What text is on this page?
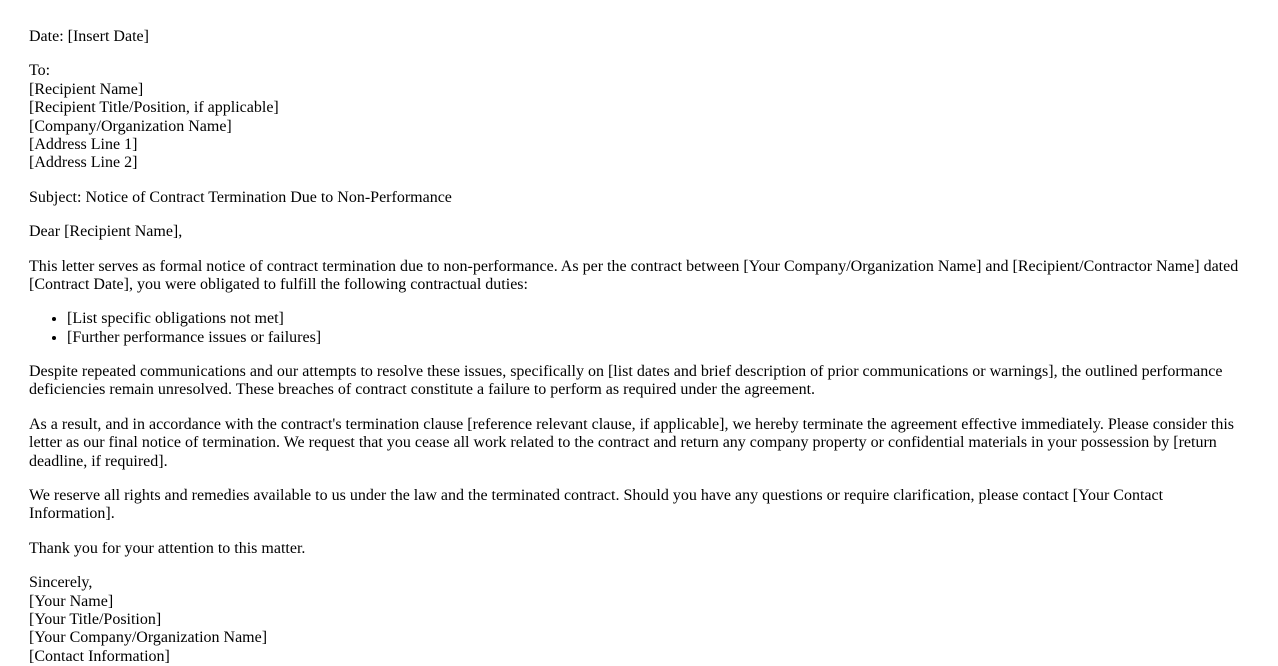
Date: [Insert Date]

To:
[Recipient Name]
[Recipient Title/Position, if applicable]
[Company/Organization Name]
[Address Line 1]
[Address Line 2]

Subject: Notice of Contract Termination Due to Non-Performance

Dear [Recipient Name],

This letter serves as formal notice of contract termination due to non-performance. As per the contract between [Your Company/Organization Name] and [Recipient/Contractor Name] dated [Contract Date], you were obligated to fulfill the following contractual duties:

• [List specific obligations not met]
• [Further performance issues or failures]

Despite repeated communications and our attempts to resolve these issues, specifically on [list dates and brief description of prior communications or warnings], the outlined performance deficiencies remain unresolved. These breaches of contract constitute a failure to perform as required under the agreement.

As a result, and in accordance with the contract's termination clause [reference relevant clause, if applicable], we hereby terminate the agreement effective immediately. Please consider this letter as our final notice of termination. We request that you cease all work related to the contract and return any company property or confidential materials in your possession by [return deadline, if required].

We reserve all rights and remedies available to us under the law and the terminated contract. Should you have any questions or require clarification, please contact [Your Contact Information].

Thank you for your attention to this matter.

Sincerely,
[Your Name]
[Your Title/Position]
[Your Company/Organization Name]
[Contact Information]
